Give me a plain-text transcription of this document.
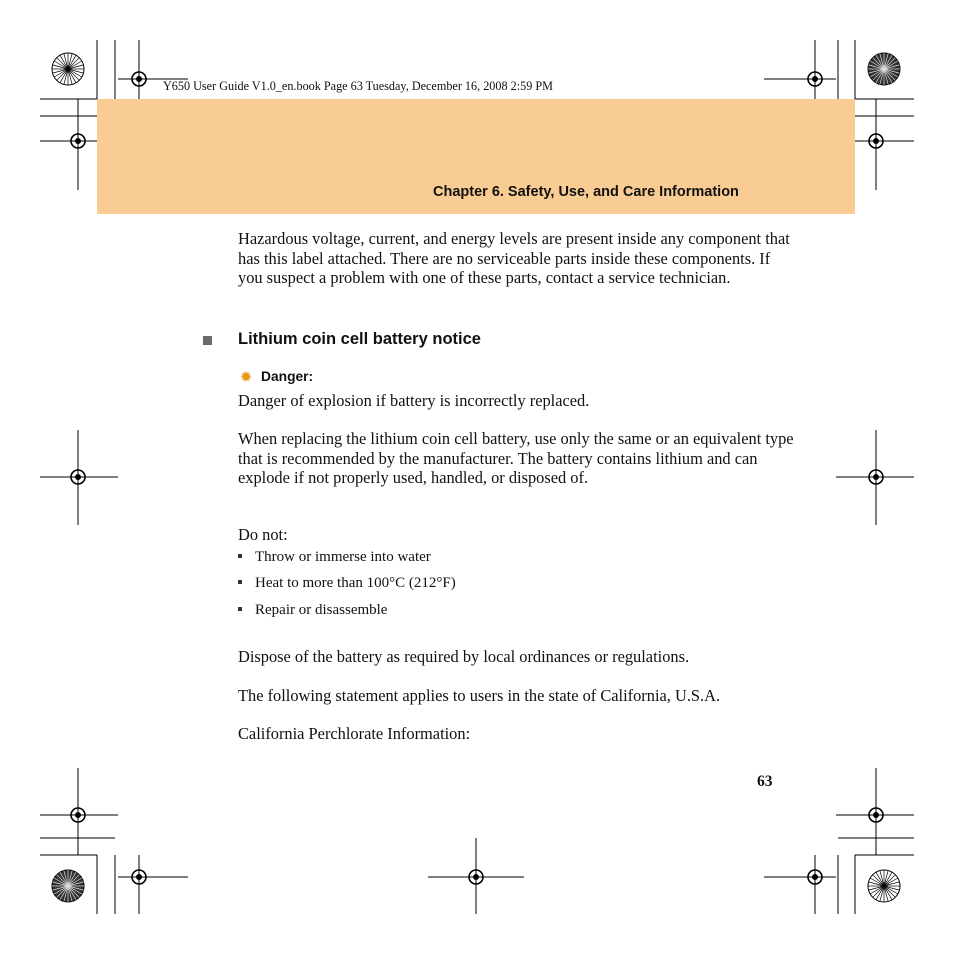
Y650 User Guide V1.0_en.book Page 63 Tuesday, December 16, 2008 2:59 PM
Chapter 6. Safety, Use, and Care Information
Hazardous voltage, current, and energy levels are present inside any component that has this label attached. There are no serviceable parts inside these components. If you suspect a problem with one of these parts, contact a service technician.
Lithium coin cell battery notice
✹ Danger:
Danger of explosion if battery is incorrectly replaced.
When replacing the lithium coin cell battery, use only the same or an equivalent type that is recommended by the manufacturer. The battery contains lithium and can explode if not properly used, handled, or disposed of.
Do not:
Throw or immerse into water
Heat to more than 100°C (212°F)
Repair or disassemble
Dispose of the battery as required by local ordinances or regulations.
The following statement applies to users in the state of California, U.S.A.
California Perchlorate Information:
63
